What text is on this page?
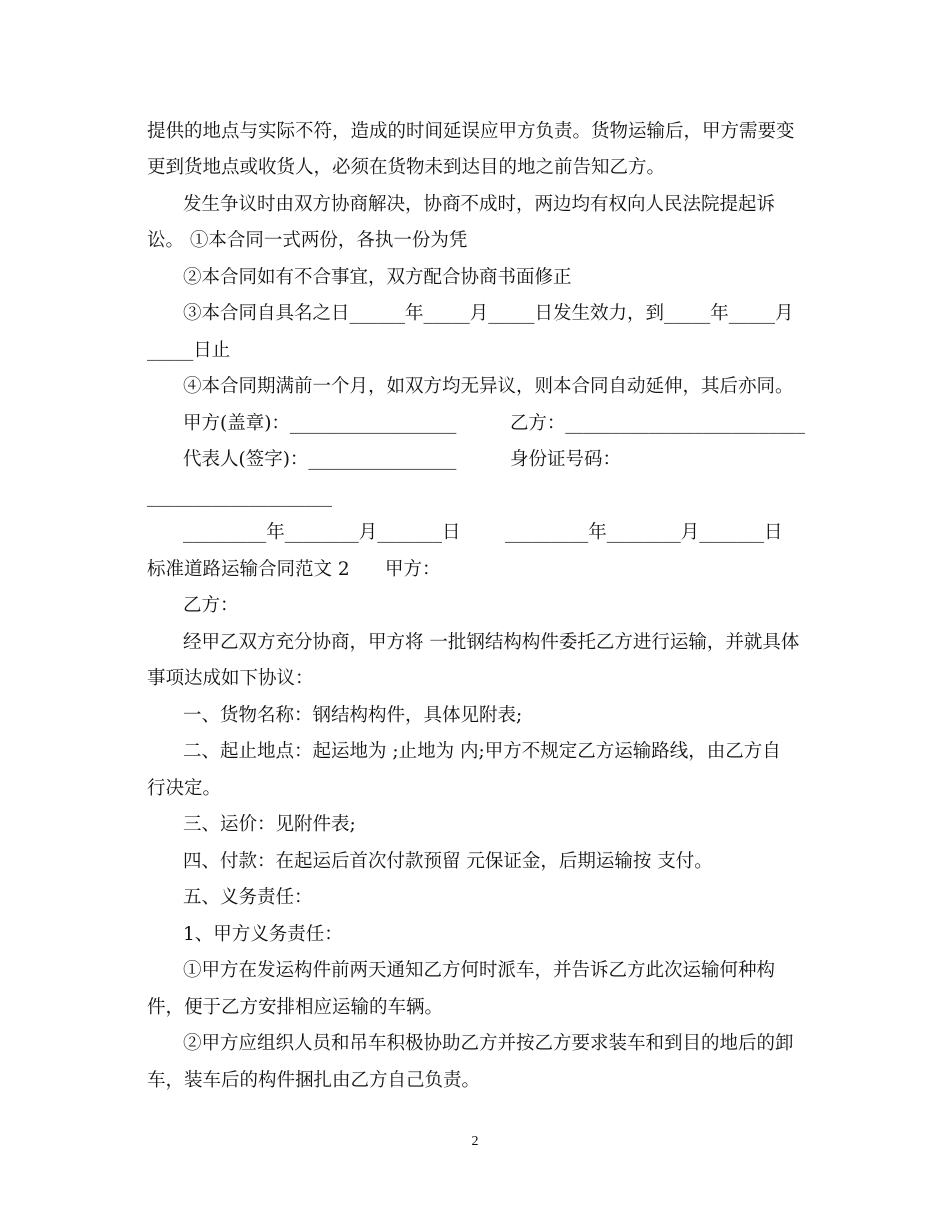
提供的地点与实际不符，造成的时间延误应甲方负责。货物运输后，甲方需要变
更到货地点或收货人，必须在货物未到达目的地之前告知乙方。
发生争议时由双方协商解决，协商不成时，两边均有权向人民法院提起诉
讼。 ①本合同一式两份，各执一份为凭
②本合同如有不合事宜，双方配合协商书面修正
③本合同自具名之日______年_____月_____日发生效力，到_____年_____月
_____日止
④本合同期满前一个月，如双方均无异议，则本合同自动延伸，其后亦同。
甲方(盖章)：__________________	乙方：__________________________
代表人(签字)：________________	身份证号码：
____________________
_________年________月_______日 _________年________月_______日
标准道路运输合同范文 2 甲方：
乙方：
经甲乙双方充分协商，甲方将 一批钢结构构件委托乙方进行运输，并就具体
事项达成如下协议：
一、货物名称：钢结构构件，具体见附表;
二、起止地点：起运地为 ;止地为 内;甲方不规定乙方运输路线，由乙方自
行决定。
三、运价：见附件表;
四、付款：在起运后首次付款预留 元保证金，后期运输按 支付。
五、义务责任：
1、甲方义务责任：
①甲方在发运构件前两天通知乙方何时派车，并告诉乙方此次运输何种构
件，便于乙方安排相应运输的车辆。
②甲方应组织人员和吊车积极协助乙方并按乙方要求装车和到目的地后的卸
车，装车后的构件捆扎由乙方自己负责。
2
